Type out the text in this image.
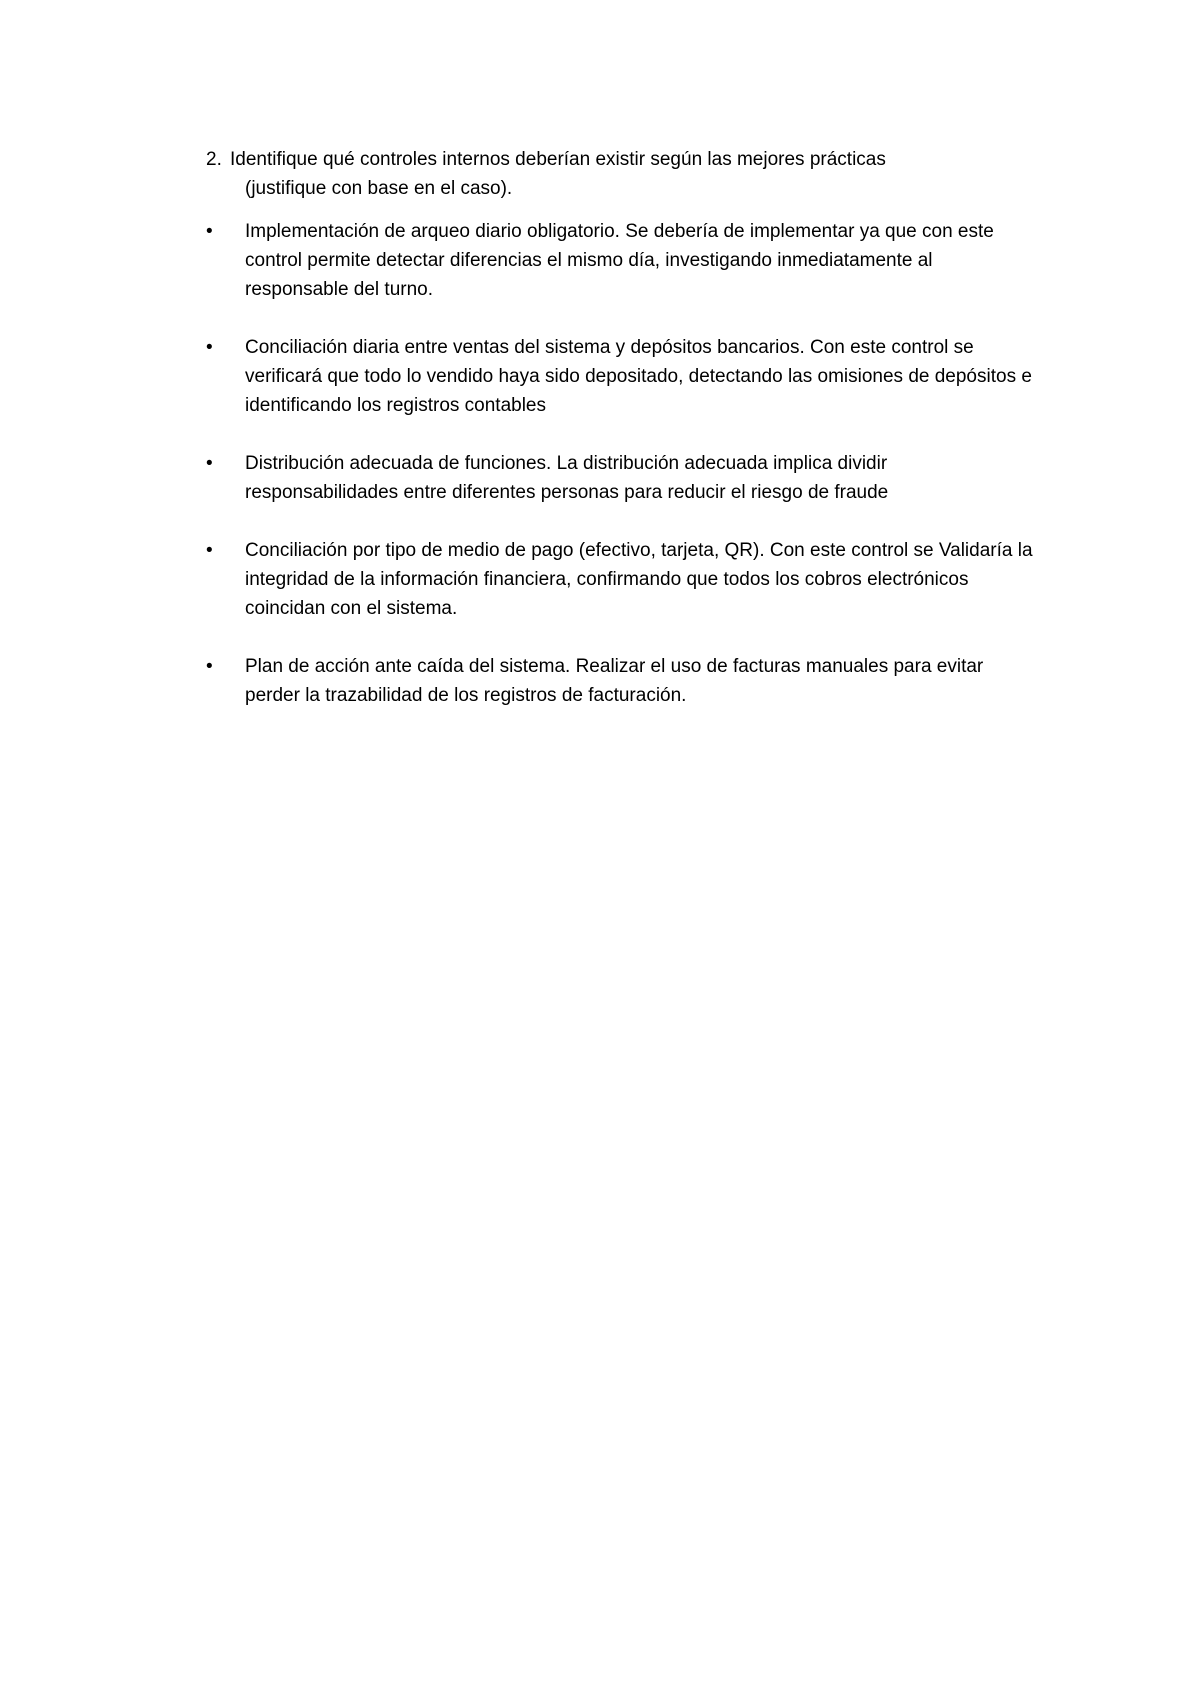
2. Identifique qué controles internos deberían existir según las mejores prácticas
(justifique con base en el caso).
•	Implementación de arqueo diario obligatorio. Se debería de implementar ya que con este control permite detectar diferencias el mismo día, investigando inmediatamente al responsable del turno.
•	Conciliación diaria entre ventas del sistema y depósitos bancarios. Con este control se verificará que todo lo vendido haya sido depositado, detectando las omisiones de depósitos e identificando los registros contables
•	Distribución adecuada de funciones. La distribución adecuada implica dividir responsabilidades entre diferentes personas para reducir el riesgo de fraude
•	Conciliación por tipo de medio de pago (efectivo, tarjeta, QR). Con este control se Validaría la integridad de la información financiera, confirmando que todos los cobros electrónicos coincidan con el sistema.
•	Plan de acción ante caída del sistema. Realizar el uso de facturas manuales para evitar perder la trazabilidad de los registros de facturación.
